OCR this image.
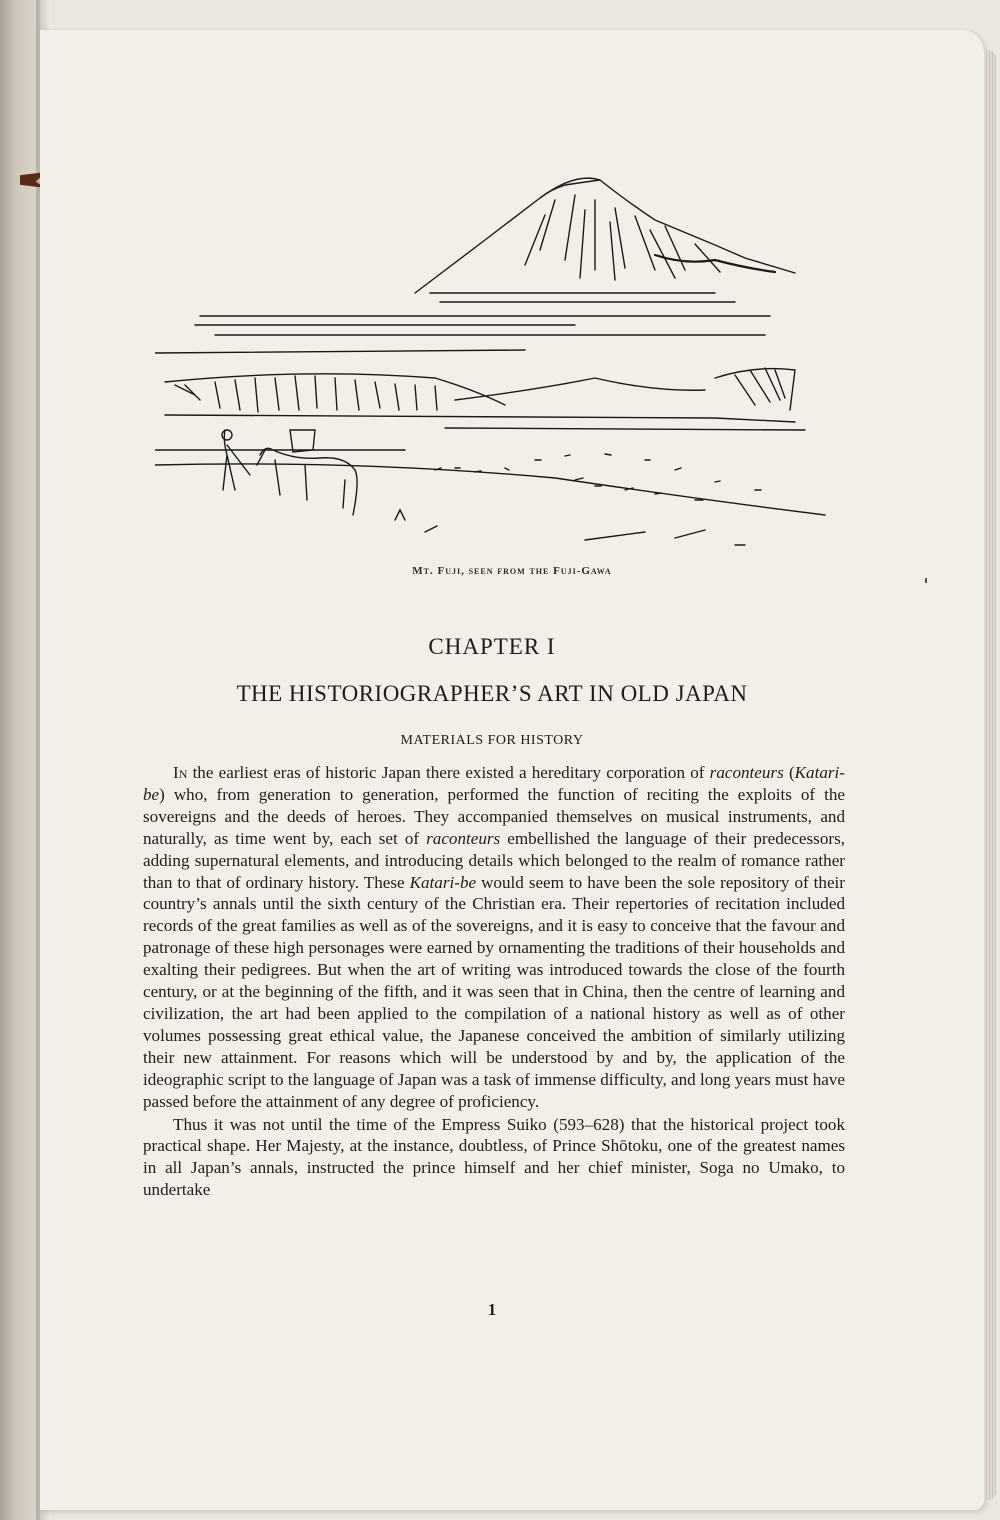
Mt. Fuji, seen from the Fuji-Gawa
CHAPTER I
THE HISTORIOGRAPHER’S ART IN OLD JAPAN
MATERIALS FOR HISTORY

In the earliest eras of historic Japan there existed a hereditary corporation of raconteurs (Katari-be) who, from generation to generation, performed the function of reciting the exploits of the sovereigns and the deeds of heroes. They accompanied themselves on musical instruments, and naturally, as time went by, each set of raconteurs embellished the language of their predecessors, adding supernatural elements, and introducing details which belonged to the realm of romance rather than to that of ordinary history. These Katari-be would seem to have been the sole repository of their country’s annals until the sixth century of the Christian era. Their repertories of recitation included records of the great families as well as of the sovereigns, and it is easy to conceive that the favour and patronage of these high personages were earned by ornamenting the traditions of their households and exalting their pedigrees. But when the art of writing was introduced towards the close of the fourth century, or at the beginning of the fifth, and it was seen that in China, then the centre of learning and civilization, the art had been applied to the compilation of a national history as well as of other volumes possessing great ethical value, the Japanese conceived the ambition of similarly utilizing their new attainment. For reasons which will be understood by and by, the application of the ideographic script to the language of Japan was a task of immense difficulty, and long years must have passed before the attainment of any degree of proficiency.

Thus it was not until the time of the Empress Suiko (593–628) that the historical project took practical shape. Her Majesty, at the instance, doubtless, of Prince Shōtoku, one of the greatest names in all Japan’s annals, instructed the prince himself and her chief minister, Soga no Umako, to undertake

1
